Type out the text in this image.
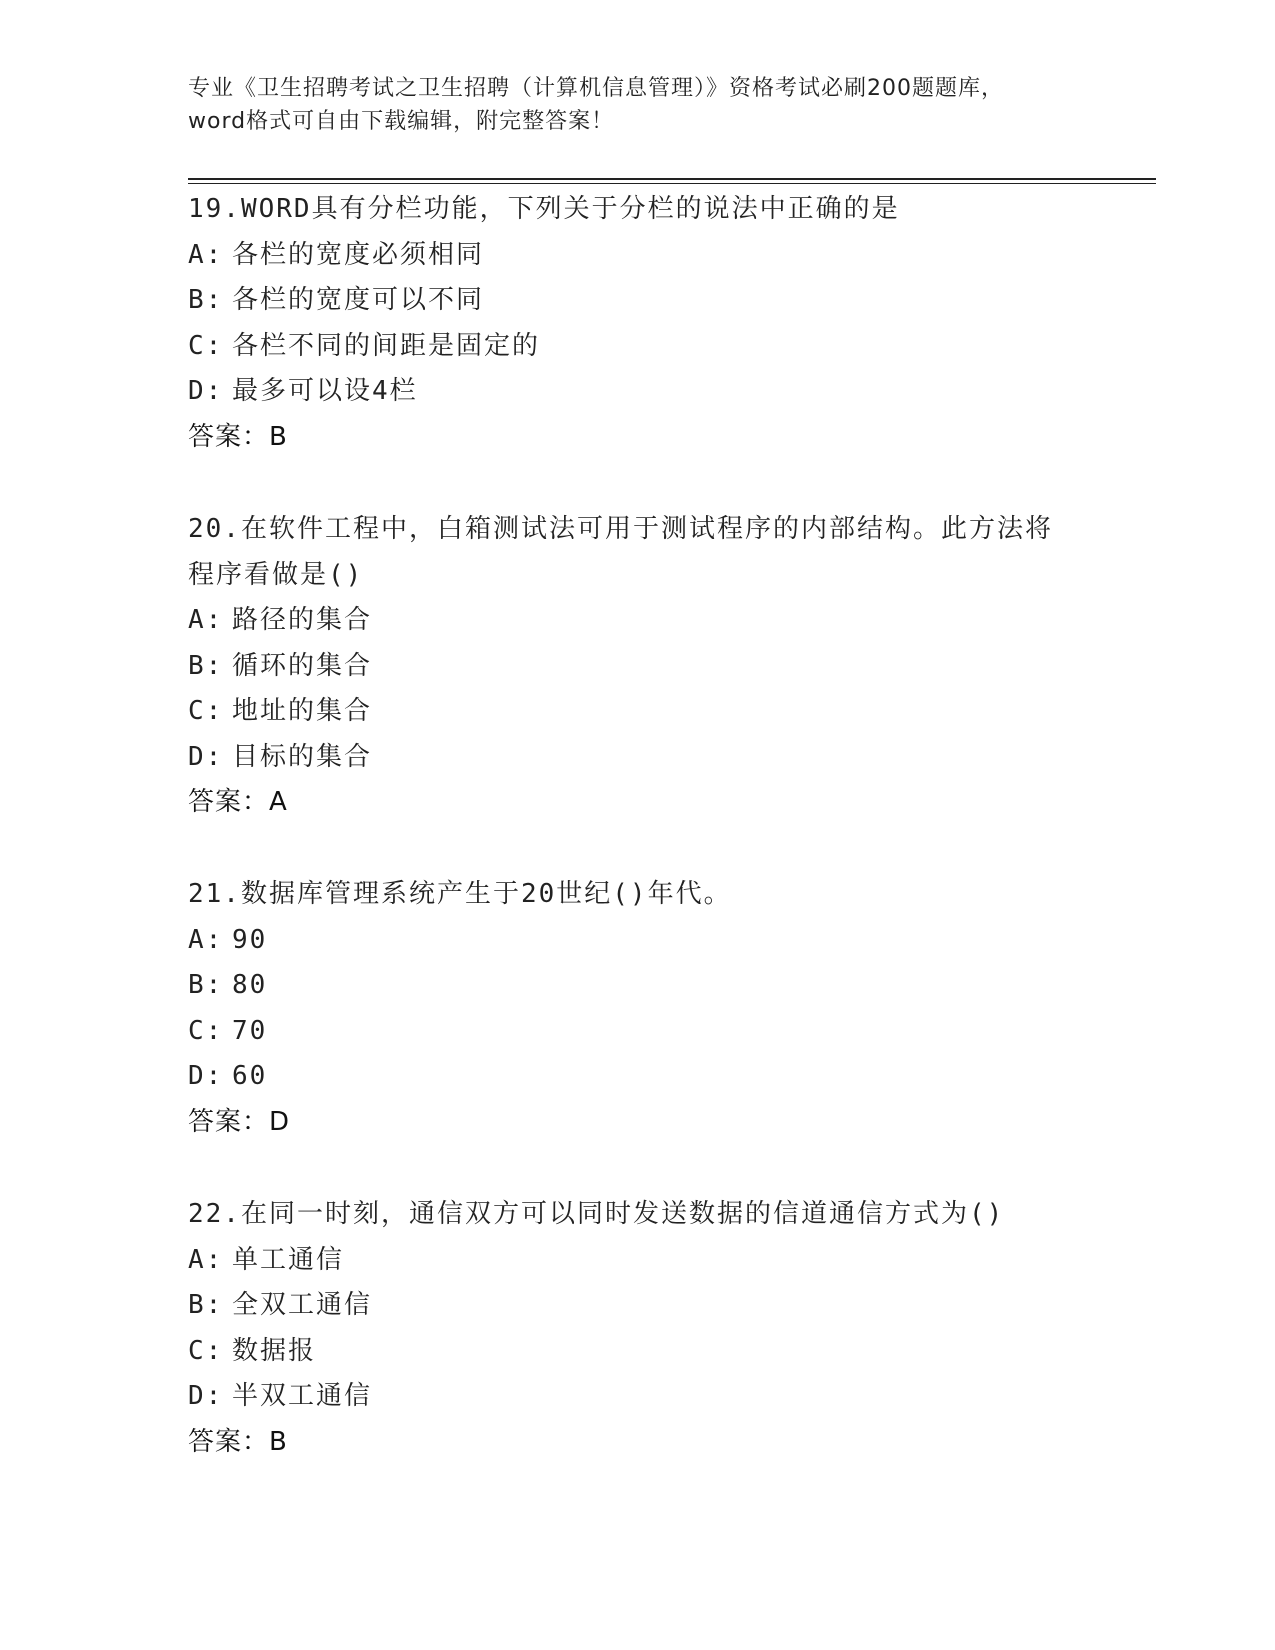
专业《卫生招聘考试之卫生招聘（计算机信息管理）》资格考试必刷200题题库，
word格式可自由下载编辑，附完整答案！
19.WORD具有分栏功能，下列关于分栏的说法中正确的是
A: 各栏的宽度必须相同
B: 各栏的宽度可以不同
C: 各栏不同的间距是固定的
D: 最多可以设4栏
答案：B
20.在软件工程中，白箱测试法可用于测试程序的内部结构。此方法将程序看做是()
A: 路径的集合
B: 循环的集合
C: 地址的集合
D: 目标的集合
答案：A
21.数据库管理系统产生于20世纪()年代。
A: 90
B: 80
C: 70
D: 60
答案：D
22.在同一时刻，通信双方可以同时发送数据的信道通信方式为()
A: 单工通信
B: 全双工通信
C: 数据报
D: 半双工通信
答案：B
